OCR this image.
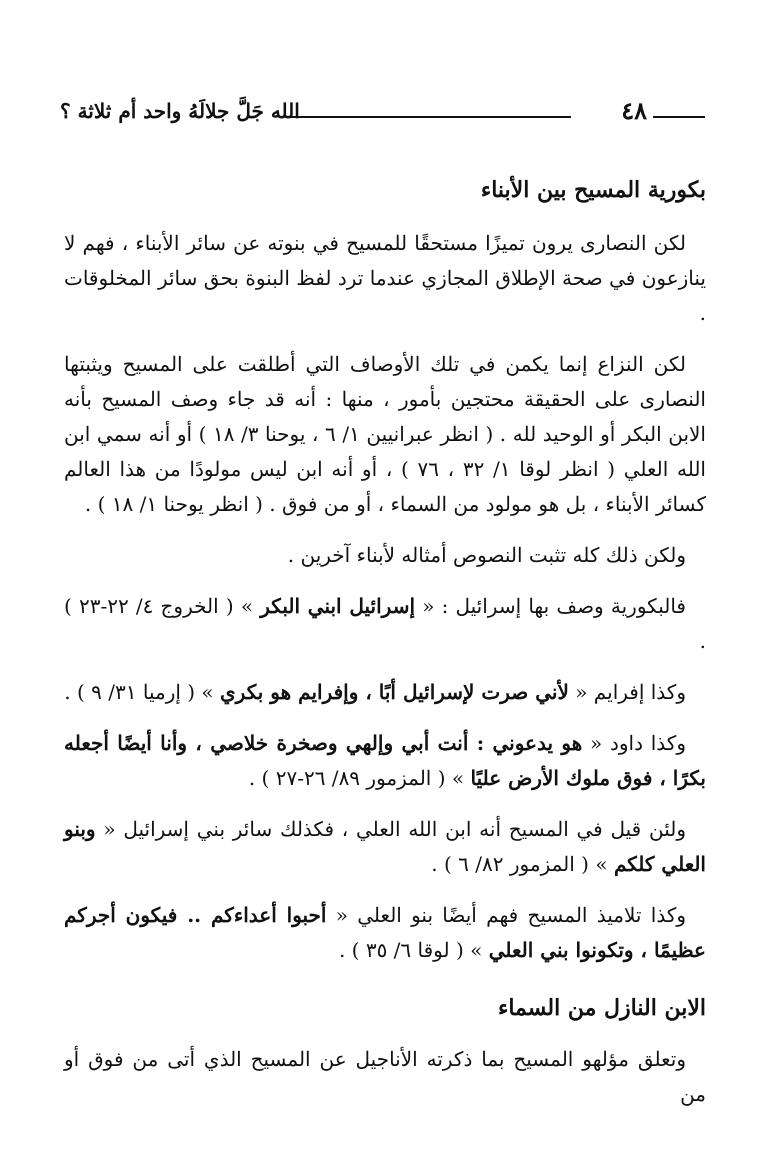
٤٨
الله جَلَّ جلالَهُ واحد أم ثلاثة ؟
بكورية المسيح بين الأبناء

لكن النصارى يرون تميزًا مستحقًا للمسيح في بنوته عن سائر الأبناء ، فهم لا ينازعون في صحة الإطلاق المجازي عندما ترد لفظ البنوة بحق سائر المخلوقات .

لكن النزاع إنما يكمن في تلك الأوصاف التي أطلقت على المسيح ويثبتها النصارى على الحقيقة محتجين بأمور ، منها : أنه قد جاء وصف المسيح بأنه الابن البكر أو الوحيد لله . ( انظر عبرانيين ١/ ٦ ، يوحنا ٣/ ١٨ ) أو أنه سمي ابن الله العلي ( انظر لوقا ١/ ٣٢ ، ٧٦ ) ، أو أنه ابن ليس مولودًا من هذا العالم كسائر الأبناء ، بل هو مولود من السماء ، أو من فوق . ( انظر يوحنا ١/ ١٨ ) .

ولكن ذلك كله تثبت النصوص أمثاله لأبناء آخرين .

فالبكورية وصف بها إسرائيل : « إسرائيل ابني البكر » ( الخروج ٤/ ٢٢-٢٣ ) .

وكذا إفرايم « لأني صرت لإسرائيل أبًا ، وإفرايم هو بكري » ( إرميا ٣١/ ٩ ) .

وكذا داود « هو يدعوني : أنت أبي وإلهي وصخرة خلاصي ، وأنا أيضًا أجعله بكرًا ، فوق ملوك الأرض عليًا » ( المزمور ٨٩/ ٢٦-٢٧ ) .

ولئن قيل في المسيح أنه ابن الله العلي ، فكذلك سائر بني إسرائيل « وبنو العلي كلكم » ( المزمور ٨٢/ ٦ ) .

وكذا تلاميذ المسيح فهم أيضًا بنو العلي « أحبوا أعداءكم .. فيكون أجركم عظيمًا ، وتكونوا بني العلي » ( لوقا ٦/ ٣٥ ) .

الابن النازل من السماء

وتعلق مؤلهو المسيح بما ذكرته الأناجيل عن المسيح الذي أتى من فوق أو من
